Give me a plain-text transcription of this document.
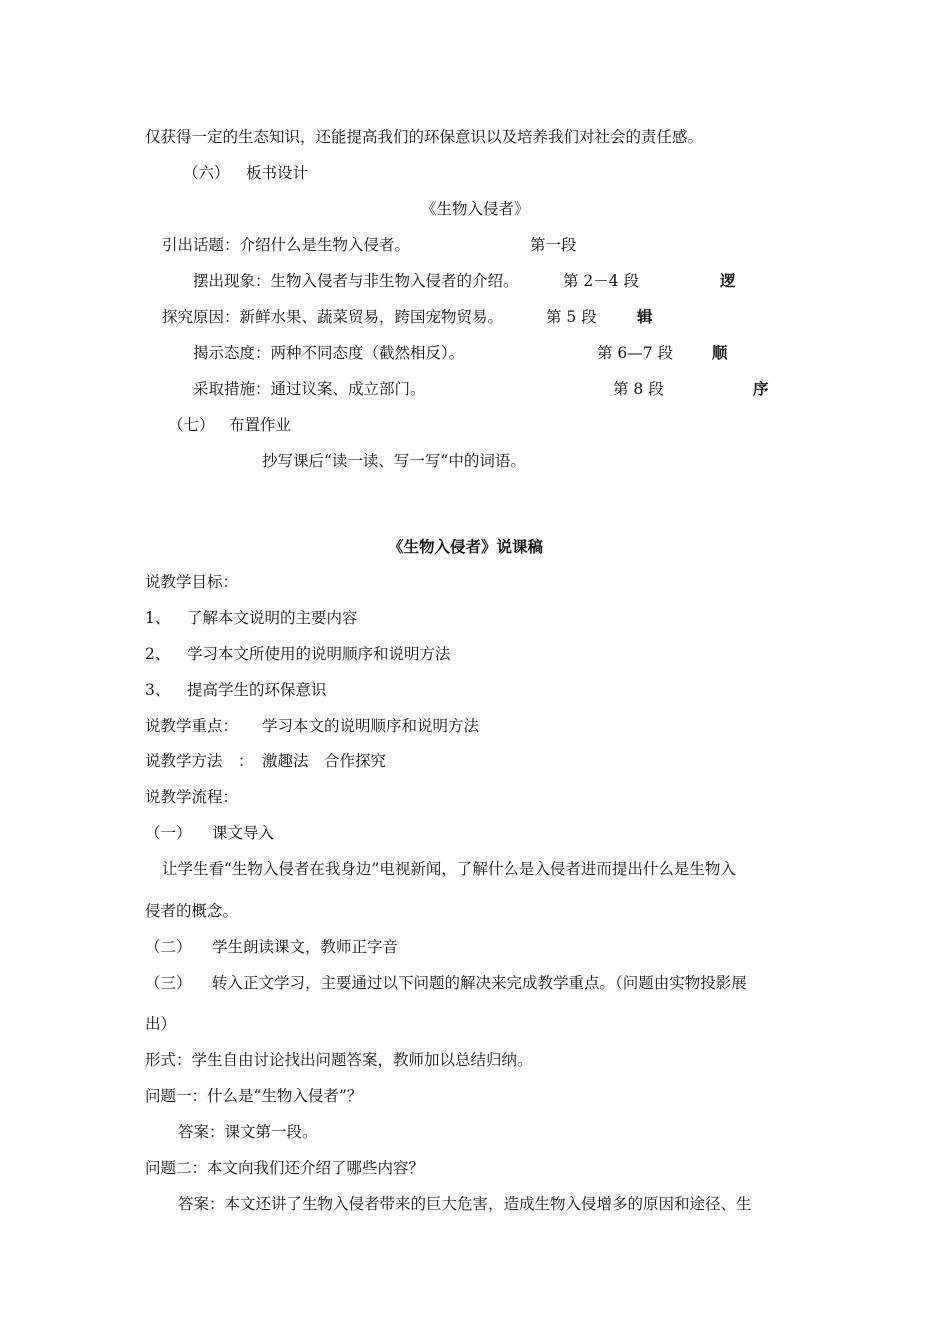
仅获得一定的生态知识，还能提高我们的环保意识以及培养我们对社会的责任感。
（六） 板书设计
《生物入侵者》
引出话题：介绍什么是生物入侵者。	第一段
摆出现象：生物入侵者与非生物入侵者的介绍。	第 2－4 段	逻
探究原因：新鲜水果、蔬菜贸易，跨国宠物贸易。	第 5 段	辑
揭示态度：两种不同态度（截然相反）。	第 6—7 段	顺
采取措施：通过议案、成立部门。	第 8 段	序
（七） 布置作业
抄写课后“读一读、写一写“中的词语。
《生物入侵者》说课稿
说教学目标：
1、 了解本文说明的主要内容
2、 学习本文所使用的说明顺序和说明方法
3、 提高学生的环保意识
说教学重点： 学习本文的说明顺序和说明方法
说教学方法　： 激趣法　合作探究
说教学流程：
（一） 课文导入
让学生看“生物入侵者在我身边”电视新闻，了解什么是入侵者进而提出什么是生物入
侵者的概念。
（二） 学生朗读课文，教师正字音
（三） 转入正文学习，主要通过以下问题的解决来完成教学重点。（问题由实物投影展
出）
形式：学生自由讨论找出问题答案，教师加以总结归纳。
问题一：什么是“生物入侵者”？
答案：课文第一段。
问题二：本文向我们还介绍了哪些内容？
答案：本文还讲了生物入侵者带来的巨大危害，造成生物入侵增多的原因和途径、生
